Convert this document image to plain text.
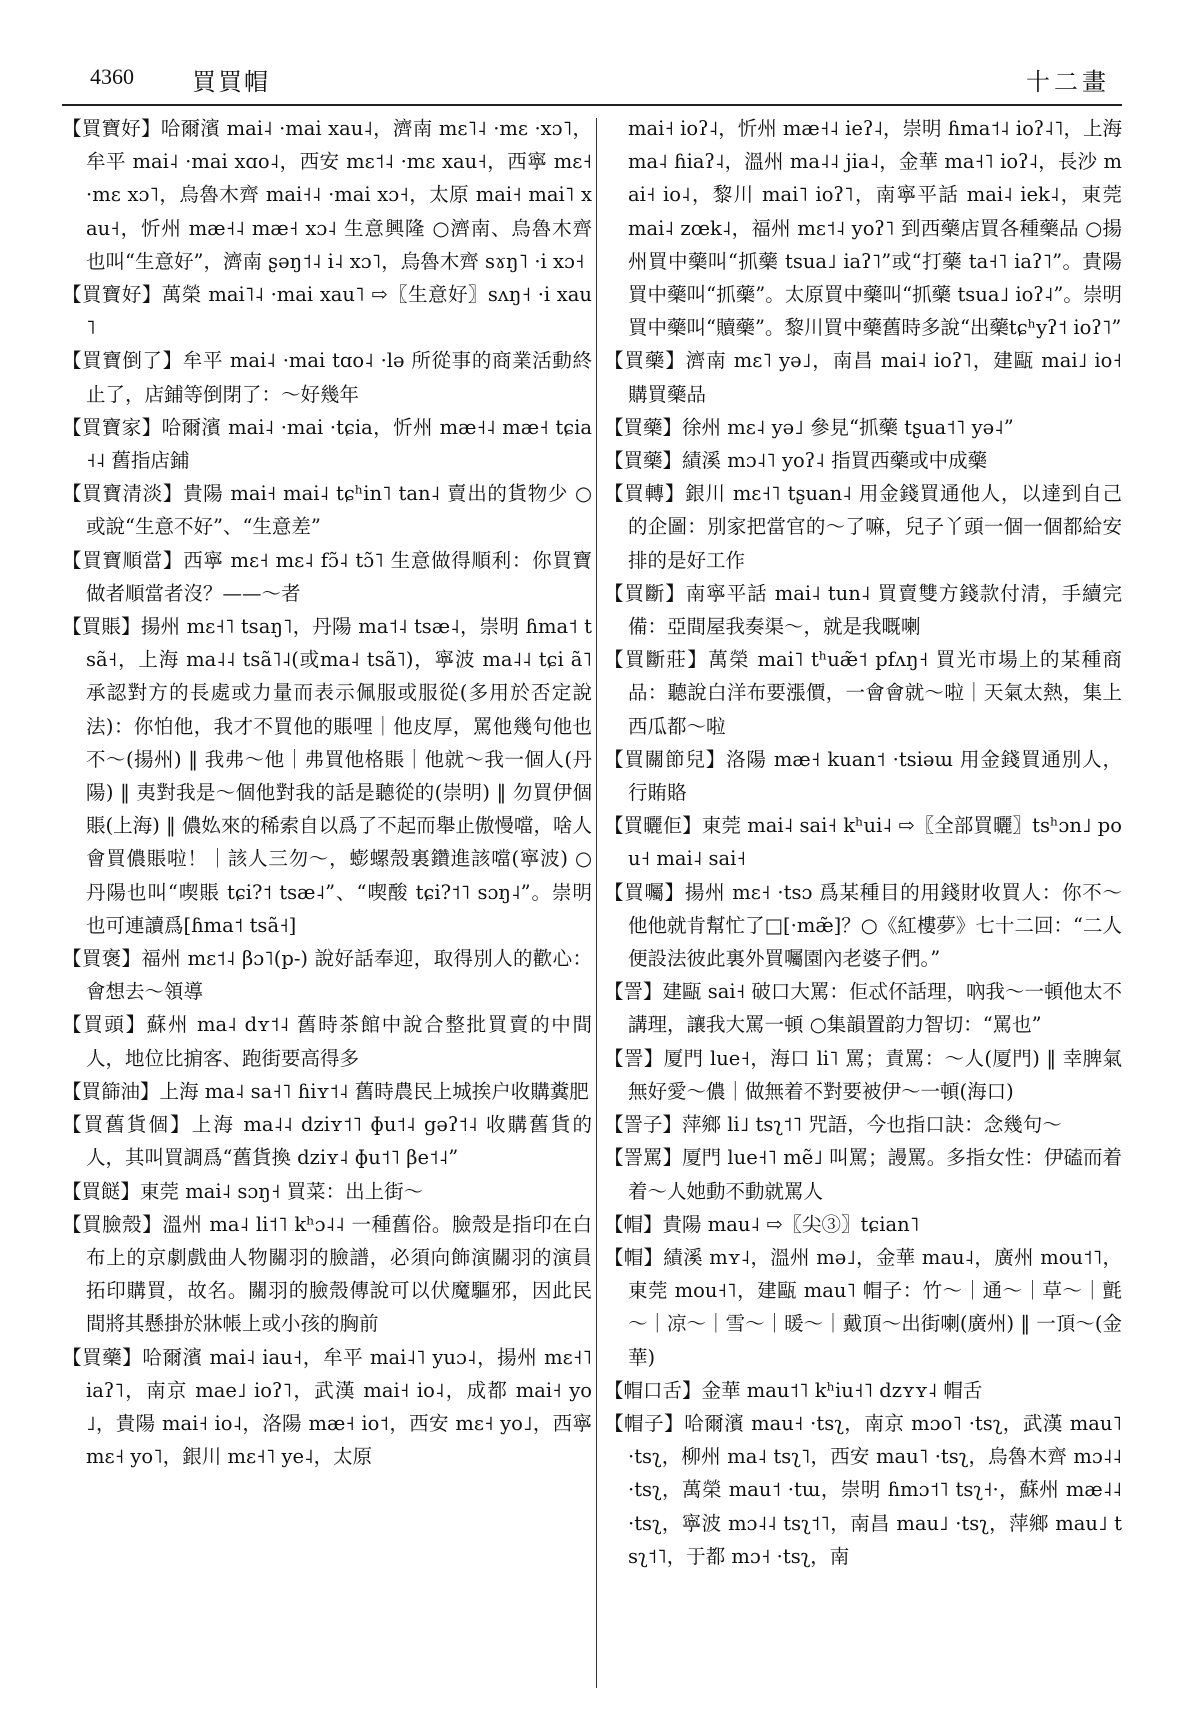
4360 買買帽	十二畫

【買寶好】哈爾濱 mai˨ ·mai xau˨，濟南 mɛ˥˨ ·mɛ ·xɔ˥，牟平 mai˨ ·mai xɑo˨，西安 mɛ˦˨ ·mɛ xau˧，西寧 mɛ˧ ·mɛ xɔ˥，烏魯木齊 mai˧˨ ·mai xɔ˧，太原 mai˧ mai˥ xau˧，忻州 mæ˧˨ mæ˧ xɔ˨ 生意興隆 ○濟南、烏魯木齊也叫“生意好”，濟南 ʂəŋ˦˨ i˨ xɔ˥，烏魯木齊 sɤŋ˥ ·i xɔ˧

【買寶好】萬榮 mai˥˨ ·mai xau˥ ⇨〖生意好〗sʌŋ˧ ·i xau˥

【買寶倒了】牟平 mai˨ ·mai tɑo˨ ·lə 所從事的商業活動終止了，店鋪等倒閉了：～好幾年

【買寶家】哈爾濱 mai˨ ·mai ·tɕia，忻州 mæ˧˨ mæ˧ tɕia˧˨ 舊指店鋪

【買寶清淡】貴陽 mai˧ mai˨ tɕʰin˥ tan˨ 賣出的貨物少 ○或說“生意不好”、“生意差”

【買寶順當】西寧 mɛ˧ mɛ˨ fɔ̃˨ tɔ̃˥ 生意做得順利：你買寶做者順當者沒？——～者

【買賬】揚州 mɛ˧˥ tsaŋ˥，丹陽 ma˦˨ tsæ˨，崇明 ɦma˦ tsã˧，上海 ma˨˨ tsã˥˨(或ma˨ tsã˥)，寧波 ma˨˨ tɕi ã˥ 承認對方的長處或力量而表示佩服或服從(多用於否定說法)：你怕他，我才不買他的賬哩｜他皮厚，罵他幾句他也不～(揚州) ‖ 我弗～他｜弗買他格賬｜他就～我一個人(丹陽) ‖ 夷對我是～個他對我的話是聽從的(崇明) ‖ 勿買伊個賬(上海) ‖ 儂𡚸來的稀索自以爲了不起而舉止傲慢噹，啥人會買儂賬啦！｜該人三勿～，蟛螺殼裏鑽進該噹(寧波) ○丹陽也叫“喫賬 tɕi?˦ tsæ˨”、“喫酸 tɕi?˦˥ sɔŋ˨”。崇明也可連讀爲[ɦma˦ tsã˧]

【買褒】福州 mɛ˦˨ βɔ˥(p-) 說好話奉迎，取得別人的歡心：會想去～領導

【買頭】蘇州 ma˨ dʏ˦˨ 舊時茶館中說合整批買賣的中間人，地位比掮客、跑街要高得多

【買篩油】上海 ma˨ sa˧˥ ɦiʏ˦˨ 舊時農民上城挨户收購糞肥

【買舊貨個】上海 ma˨˨ dziʏ˦˥ ɸu˦˨ gəʔ˦˨ 收購舊貨的人，其叫買調爲“舊貨換 dziʏ˨ ɸu˦˥ βe˦˨”

【買餸】東莞 mai˨ sɔŋ˧ 買菜：出上街～

【買臉殼】溫州 ma˨ li˦˥ kʰɔ˨˨ 一種舊俗。臉殼是指印在白布上的京劇戲曲人物關羽的臉譜，必須向飾演關羽的演員拓印購買，故名。關羽的臉殼傳說可以伏魔驅邪，因此民間將其懸掛於牀帳上或小孩的胸前

【買藥】哈爾濱 mai˨ iau˧，牟平 mai˨˥ yuɔ˨，揚州 mɛ˧˥ iaʔ˥，南京 mae˩ ioʔ˥，武漢 mai˧ io˨，成都 mai˧ yo˩，貴陽 mai˧ io˨，洛陽 mæ˧ io˦，西安 mɛ˧ yo˩，西寧 mɛ˧ yo˥，銀川 mɛ˧˥ ye˨，太原

mai˧ ioʔ˨，忻州 mæ˧˨ ieʔ˨，崇明 ɦma˦˨ ioʔ˨˥，上海 ma˨ ɦiaʔ˨，溫州 ma˨˨ jia˨，金華 ma˧˥ ioʔ˨，長沙 mai˧ io˨，黎川 mai˥ ioʔ˥，南寧平話 mai˨ iek˨，東莞 mai˨ zœk˨，福州 mɛ˦˨ yoʔ˥ 到西藥店買各種藥品 ○揚州買中藥叫“抓藥 tsua˩ iaʔ˥”或“打藥 ta˧˥ iaʔ˥”。貴陽買中藥叫“抓藥”。太原買中藥叫“抓藥 tsua˩ ioʔ˨”。崇明買中藥叫“贖藥”。黎川買中藥舊時多說“出藥tɕʰyʔ˦ ioʔ˥”

【買藥】濟南 mɛ˥ yə˩，南昌 mai˨ ioʔ˥，建甌 mai˩ io˧ 購買藥品

【買藥】徐州 mɛ˨ yə˩ 參見“抓藥 tʂua˦˥ yə˨”

【買藥】績溪 mɔ˨˥ yoʔ˨ 指買西藥或中成藥

【買轉】銀川 mɛ˧˥ tʂuan˨ 用金錢買通他人，以達到自己的企圖：別家把當官的～了嘛，兒子丫頭一個一個都給安排的是好工作

【買斷】南寧平話 mai˨ tun˨ 買賣雙方錢款付清，手續完備：亞間屋我奏渠～，就是我嘅喇

【買斷莊】萬榮 mai˥ tʰuæ̃˦ pfʌŋ˧ 買光市場上的某種商品：聽說白洋布要漲價，一會會就～啦｜天氣太熱，集上西瓜都～啦

【買關節兒】洛陽 mæ˧ kuan˦ ·tsiəɯ 用金錢買通別人，行賄賂

【買曬佢】東莞 mai˨ sai˧ kʰui˨ ⇨〖全部買曬〗tsʰɔn˩ pou˧ mai˨ sai˧

【買囑】揚州 mɛ˧ ·tsɔ 爲某種目的用錢財收買人：你不～他他就肯幫忙了□[·mæ̃]？○《紅樓夢》七十二回：“二人便設法彼此裏外買囑園內老婆子們。”

【詈】建甌 sai˧ 破口大罵：佢忒伓話理，吶我～一頓他太不講理，讓我大罵一頓 ○集韻置韵力智切：“罵也”

【詈】厦門 lue˧，海口 li˥ 罵；責罵：～人(厦門) ‖ 幸脾氣無好愛～儂｜做無着不對要被伊～一頓(海口)

【詈子】萍鄉 li˩ tsʅ˦˥ 咒語，今也指口訣：念幾句～

【詈罵】厦門 lue˧˥ mẽ˩ 叫罵；謾罵。多指女性：伊磕而着着～人她動不動就罵人

【帽】貴陽 mau˨ ⇨〖尖③〗tɕian˥

【帽】績溪 mʏ˨，溫州 mə˩，金華 mau˨，廣州 mou˦˥，東莞 mou˧˥，建甌 mau˥ 帽子：竹～｜通～｜草～｜氈～｜凉～｜雪～｜暖～｜戴頂～出街喇(廣州) ‖ 一頂～(金華)

【帽口舌】金華 mau˦˥ kʰiu˧˥ dzʏʏ˨ 帽舌

【帽子】哈爾濱 mau˧ ·tsʅ，南京 mɔo˥ ·tsʅ，武漢 mau˥ ·tsʅ，柳州 ma˨ tsʅ˥，西安 mau˥ ·tsʅ，烏魯木齊 mɔ˨˨ ·tsʅ，萬榮 mau˦ ·tɯ，崇明 ɦmɔ˦˥ tsʅ˧·，蘇州 mæ˨˨ ·tsʅ，寧波 mɔ˨˨ tsʅ˦˥，南昌 mau˩ ·tsʅ，萍鄉 mau˩ tsʅ˦˥，于都 mɔ˧ ·tsʅ，南
